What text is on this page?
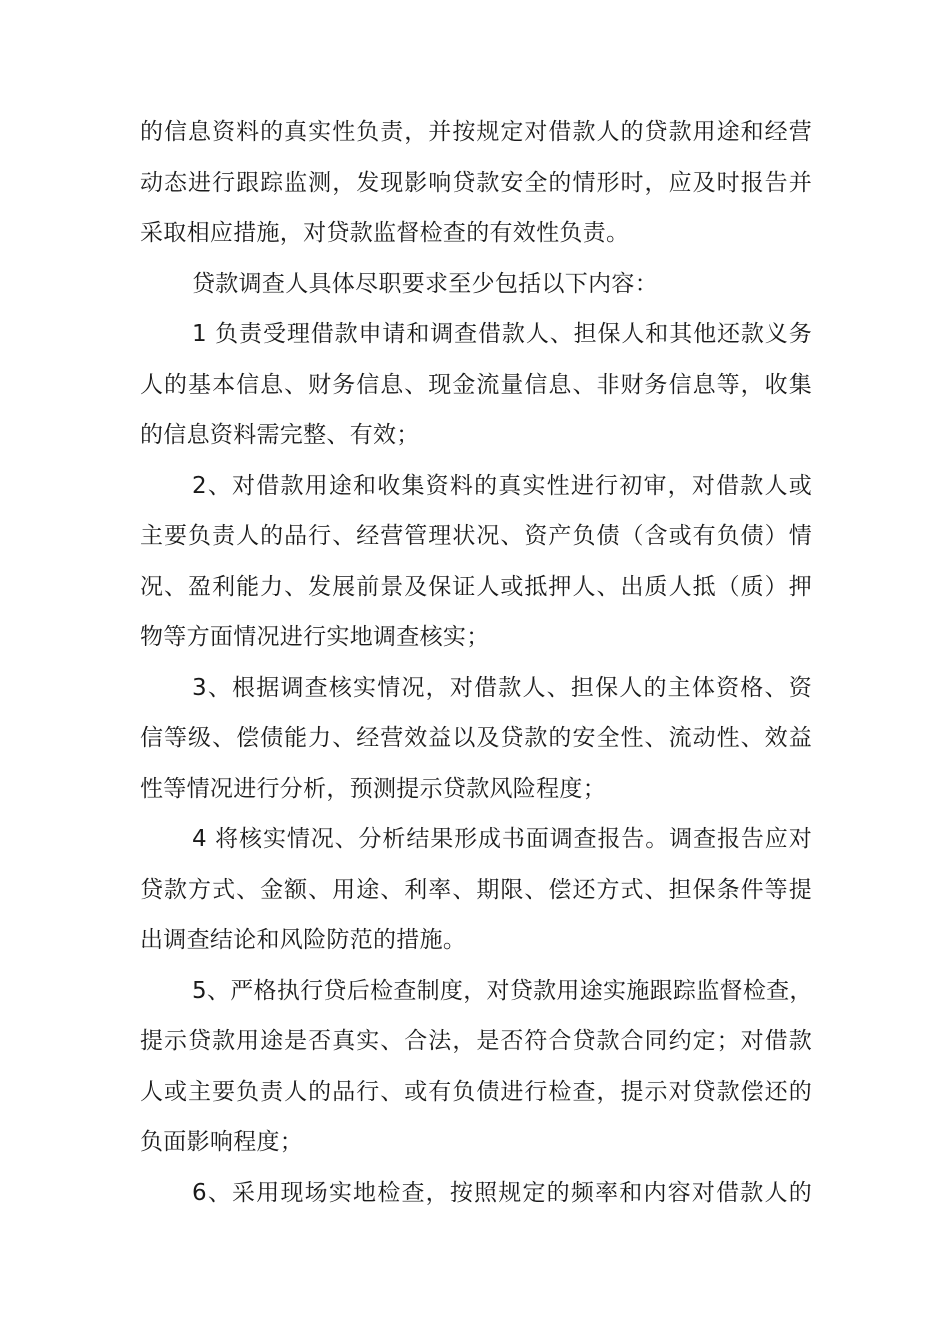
的信息资料的真实性负责，并按规定对借款人的贷款用途和经营
动态进行跟踪监测，发现影响贷款安全的情形时，应及时报告并
采取相应措施，对贷款监督检查的有效性负责。
贷款调查人具体尽职要求至少包括以下内容：
1 负责受理借款申请和调查借款人、担保人和其他还款义务
人的基本信息、财务信息、现金流量信息、非财务信息等，收集
的信息资料需完整、有效；
2、对借款用途和收集资料的真实性进行初审，对借款人或
主要负责人的品行、经营管理状况、资产负债（含或有负债）情
况、盈利能力、发展前景及保证人或抵押人、出质人抵（质）押
物等方面情况进行实地调查核实；
3、根据调查核实情况，对借款人、担保人的主体资格、资
信等级、偿债能力、经营效益以及贷款的安全性、流动性、效益
性等情况进行分析，预测提示贷款风险程度；
4 将核实情况、分析结果形成书面调查报告。调查报告应对
贷款方式、金额、用途、利率、期限、偿还方式、担保条件等提
出调查结论和风险防范的措施。
5、严格执行贷后检查制度，对贷款用途实施跟踪监督检查，
提示贷款用途是否真实、合法，是否符合贷款合同约定；对借款
人或主要负责人的品行、或有负债进行检查，提示对贷款偿还的
负面影响程度；
6、采用现场实地检查，按照规定的频率和内容对借款人的
